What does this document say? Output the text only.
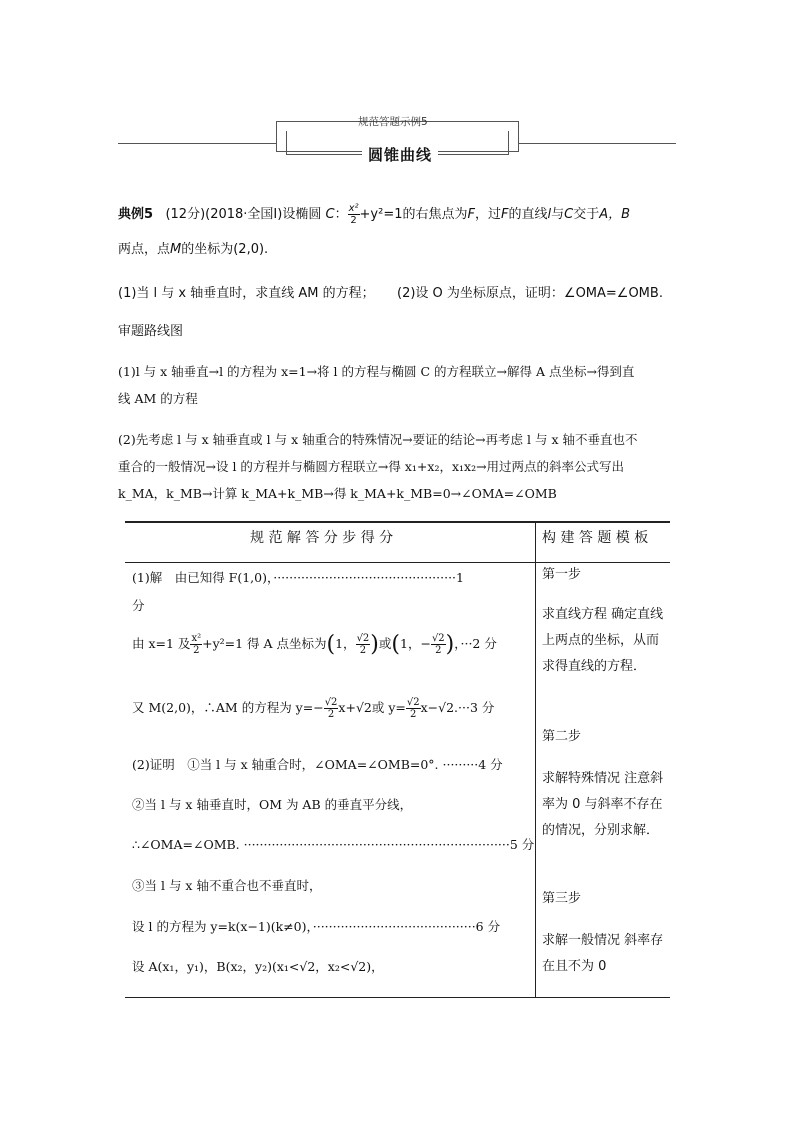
规范答题示例5
圆锥曲线
典例5 (12分)(2018·全国Ⅰ)设椭圆 C： $\frac{\text{x²}}{2} +y^2=1$的右焦点为F，过F的直线l与C交于A，B
两点，点M的坐标为(2,0).
(1)当 l 与 x 轴垂直时，求直线 AM 的方程； (2)设 O 为坐标原点，证明：∠OMA=∠OMB.
审题路线图
(1)l 与 x 轴垂直→l 的方程为 x=1→将 l 的方程与椭圆 C 的方程联立→解得 A 点坐标→得到直
线 AM 的方程
(2)先考虑 l 与 x 轴垂直或 l 与 x 轴重合的特殊情况→要证的结论→再考虑 l 与 x 轴不垂直也不
重合的一般情况→设 l 的方程并与椭圆方程联立→得 x₁+x₂，x₁x₂→用过两点的斜率公式写出
k_MA，k_MB→计算 k_MA+k_MB→得 k_MA+k_MB=0→∠OMA=∠OMB
规 范 解 答 分 步 得 分	构 建 答 题 模 板
(1)解　由已知得 F(1,0)，··············································1
分
由 x=1 及 $\frac{\text{x²}}{2} +y^2=1$ 得 A 点坐标为(1， $\frac{√2}{2}$ )或(1，− $\frac{√2}{2}$ )，···2 分
又 M(2,0)，∴AM 的方程为 $y=- \frac{√2}{2} x+√2$或 $y= \frac{√2}{2} x-√2.\cdot\cdot\cdot 3$ 分
(2)证明　①当 l 与 x 轴重合时，∠OMA=∠OMB=0°. ·········4 分
②当 l 与 x 轴垂直时，OM 为 AB 的垂直平分线，
∴∠OMA=∠OMB. ···································································5 分
③当 l 与 x 轴不重合也不垂直时，
设 l 的方程为 y=k(x−1)(k≠0)，·········································6 分
设 A(x₁，y₁)，B(x₂，y₂)(x₁<√2，x₂<√2)，
第一步
求直线方程 确定直线上两点的坐标，从而求得直线的方程．
第二步
求解特殊情况 注意斜率为 0 与斜率不存在的情况，分别求解．
第三步
求解一般情况 斜率存在且不为 0
